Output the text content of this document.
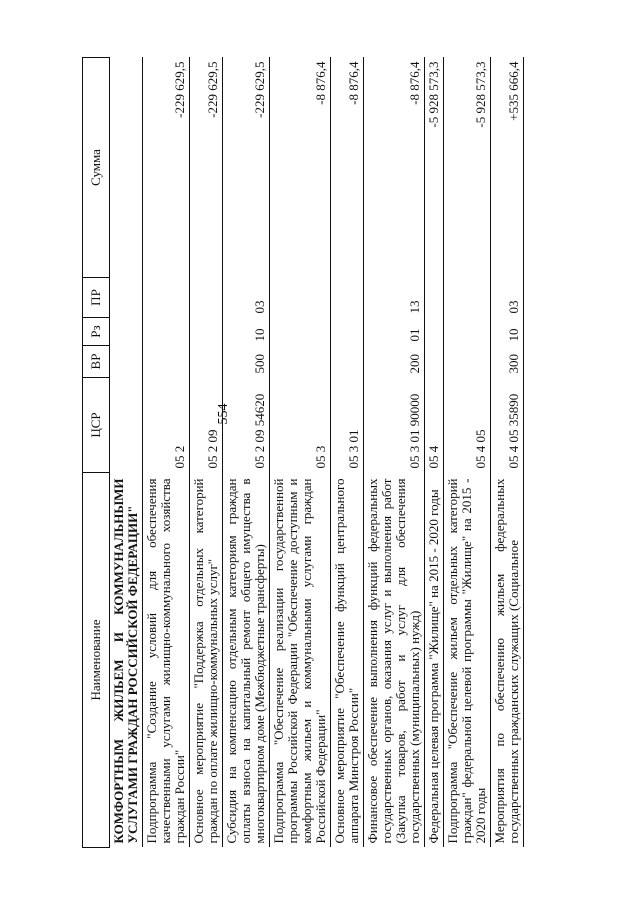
554
Наименование	ЦСР	ВР	Рз	ПР	Сумма
КОМФОРТНЫМ ЖИЛЬЕМ И КОММУНАЛЬНЫМИ УСЛУГАМИ ГРАЖДАН РОССИЙСКОЙ ФЕДЕРАЦИИ"					
Подпрограмма "Создание условий для обеспечения качественными услугами жилищно-коммунального хозяйства граждан России"	05 2				-229 629,5
Основное мероприятие "Поддержка отдельных категорий граждан по оплате жилищно-коммунальных услуг"	05 2 09				-229 629,5
Субсидия на компенсацию отдельным категориям граждан оплаты взноса на капитальный ремонт общего имущества в многоквартирном доме (Межбюджетные трансферты)	05 2 09 54620	500	10	03	-229 629,5
Подпрограмма "Обеспечение реализации государственной программы Российской Федерации "Обеспечение доступным и комфортным жильем и коммунальными услугами граждан Российской Федерации"	05 3				-8 876,4
Основное мероприятие "Обеспечение функций центрального аппарата Минстроя России"	05 3 01				-8 876,4
Финансовое обеспечение выполнения функций федеральных государственных органов, оказания услуг и выполнения работ (Закупка товаров, работ и услуг для обеспечения государственных (муниципальных) нужд)	05 3 01 90000	200	01	13	-8 876,4
Федеральная целевая программа "Жилище" на 2015 - 2020 годы	05 4				-5 928 573,3
Подпрограмма "Обеспечение жильем отдельных категорий граждан" федеральной целевой программы "Жилище" на 2015 - 2020 годы	05 4 05				-5 928 573,3
Мероприятия по обеспечению жильем федеральных государственных гражданских служащих (Социальное	05 4 05 35890	300	10	03	+535 666,4
